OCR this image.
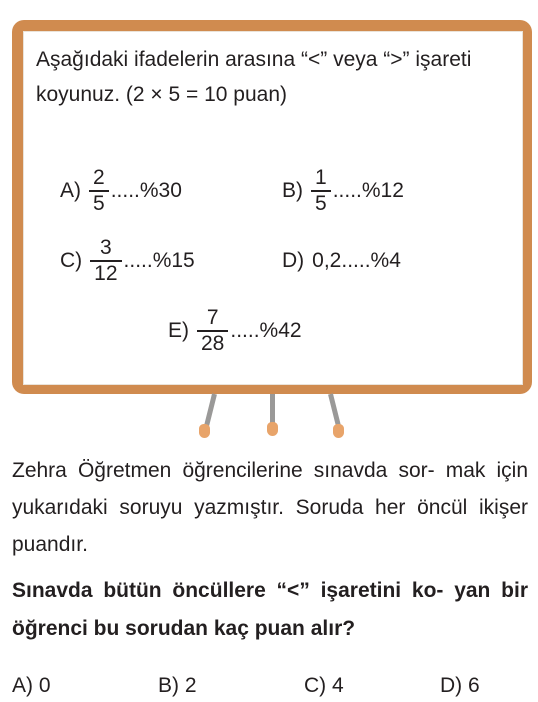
Aşağıdaki ifadelerin arasına “<” veya “>” işareti koyunuz. (2 × 5 = 10 puan)
$A) \frac{2}{5} .....\%30$	$B) \frac{1}{5} .....\%12$
$C) \frac{3}{12} .....\%15$	D) 0,2.....%4
$E) \frac{7}{28} .....\%42$
Zehra Öğretmen öğrencilerine sınavda sor- mak için yukarıdaki soruyu yazmıştır. Soruda her öncül ikişer puandır.
Sınavda bütün öncüllere “<” işaretini ko- yan bir öğrenci bu sorudan kaç puan alır?
A) 0	B) 2	C) 4	D) 6
